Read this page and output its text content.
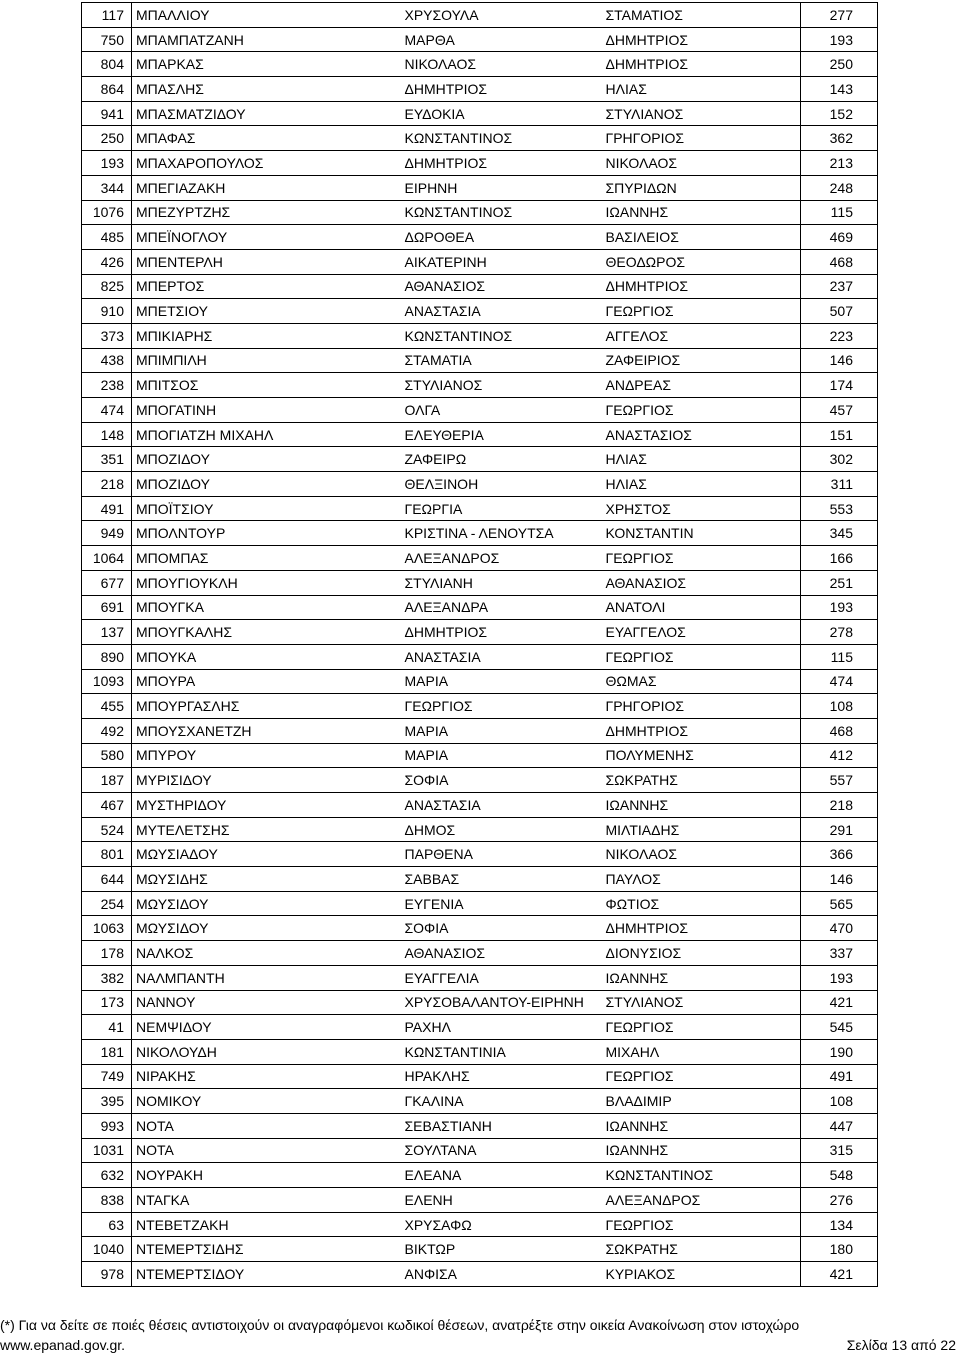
117	ΜΠΑΛΛΙΟΥ	ΧΡΥΣΟΥΛΑ	ΣΤΑΜΑΤΙΟΣ	277
750	ΜΠΑΜΠΑΤΖΑΝΗ	ΜΑΡΘΑ	ΔΗΜΗΤΡΙΟΣ	193
804	ΜΠΑΡΚΑΣ	ΝΙΚΟΛΑΟΣ	ΔΗΜΗΤΡΙΟΣ	250
864	ΜΠΑΣΛΗΣ	ΔΗΜΗΤΡΙΟΣ	ΗΛΙΑΣ	143
941	ΜΠΑΣΜΑΤΖΙΔΟΥ	ΕΥΔΟΚΙΑ	ΣΤΥΛΙΑΝΟΣ	152
250	ΜΠΑΦΑΣ	ΚΩΝΣΤΑΝΤΙΝΟΣ	ΓΡΗΓΟΡΙΟΣ	362
193	ΜΠΑΧΑΡΟΠΟΥΛΟΣ	ΔΗΜΗΤΡΙΟΣ	ΝΙΚΟΛΑΟΣ	213
344	ΜΠΕΓΙΑΖΑΚΗ	ΕΙΡΗΝΗ	ΣΠΥΡΙΔΩΝ	248
1076	ΜΠΕΖΥΡΤΖΗΣ	ΚΩΝΣΤΑΝΤΙΝΟΣ	ΙΩΑΝΝΗΣ	115
485	ΜΠΕΪΝΟΓΛΟΥ	ΔΩΡΟΘΕΑ	ΒΑΣΙΛΕΙΟΣ	469
426	ΜΠΕΝΤΕΡΛΗ	ΑΙΚΑΤΕΡΙΝΗ	ΘΕΟΔΩΡΟΣ	468
825	ΜΠΕΡΤΟΣ	ΑΘΑΝΑΣΙΟΣ	ΔΗΜΗΤΡΙΟΣ	237
910	ΜΠΕΤΣΙΟΥ	ΑΝΑΣΤΑΣΙΑ	ΓΕΩΡΓΙΟΣ	507
373	ΜΠΙΚΙΑΡΗΣ	ΚΩΝΣΤΑΝΤΙΝΟΣ	ΑΓΓΕΛΟΣ	223
438	ΜΠΙΜΠΙΛΗ	ΣΤΑΜΑΤΙΑ	ΖΑΦΕΙΡΙΟΣ	146
238	ΜΠΙΤΣΟΣ	ΣΤΥΛΙΑΝΟΣ	ΑΝΔΡΕΑΣ	174
474	ΜΠΟΓΑΤΙΝΗ	ΟΛΓΑ	ΓΕΩΡΓΙΟΣ	457
148	ΜΠΟΓΙΑΤΖΗ ΜΙΧΑΗΛ	ΕΛΕΥΘΕΡΙΑ	ΑΝΑΣΤΑΣΙΟΣ	151
351	ΜΠΟΖΙΔΟΥ	ΖΑΦΕΙΡΩ	ΗΛΙΑΣ	302
218	ΜΠΟΖΙΔΟΥ	ΘΕΛΞΙΝΟΗ	ΗΛΙΑΣ	311
491	ΜΠΟΪΤΣΙΟΥ	ΓΕΩΡΓΙΑ	ΧΡΗΣΤΟΣ	553
949	ΜΠΟΛΝΤΟΥΡ	ΚΡΙΣΤΙΝΑ - ΛΕΝΟΥΤΣΑ	ΚΟΝΣΤΑΝΤΙΝ	345
1064	ΜΠΟΜΠΑΣ	ΑΛΕΞΑΝΔΡΟΣ	ΓΕΩΡΓΙΟΣ	166
677	ΜΠΟΥΓΙΟΥΚΛΗ	ΣΤΥΛΙΑΝΗ	ΑΘΑΝΑΣΙΟΣ	251
691	ΜΠΟΥΓΚΑ	ΑΛΕΞΑΝΔΡΑ	ΑΝΑΤΟΛΙ	193
137	ΜΠΟΥΓΚΑΛΗΣ	ΔΗΜΗΤΡΙΟΣ	ΕΥΑΓΓΕΛΟΣ	278
890	ΜΠΟΥΚΑ	ΑΝΑΣΤΑΣΙΑ	ΓΕΩΡΓΙΟΣ	115
1093	ΜΠΟΥΡΑ	ΜΑΡΙΑ	ΘΩΜΑΣ	474
455	ΜΠΟΥΡΓΑΣΛΗΣ	ΓΕΩΡΓΙΟΣ	ΓΡΗΓΟΡΙΟΣ	108
492	ΜΠΟΥΣΧΑΝΕΤΖΗ	ΜΑΡΙΑ	ΔΗΜΗΤΡΙΟΣ	468
580	ΜΠΥΡΟΥ	ΜΑΡΙΑ	ΠΟΛΥΜΕΝΗΣ	412
187	ΜΥΡΙΣΙΔΟΥ	ΣΟΦΙΑ	ΣΩΚΡΑΤΗΣ	557
467	ΜΥΣΤΗΡΙΔΟΥ	ΑΝΑΣΤΑΣΙΑ	ΙΩΑΝΝΗΣ	218
524	ΜΥΤΕΛΕΤΣΗΣ	ΔΗΜΟΣ	ΜΙΛΤΙΑΔΗΣ	291
801	ΜΩΥΣΙΑΔΟΥ	ΠΑΡΘΕΝΑ	ΝΙΚΟΛΑΟΣ	366
644	ΜΩΥΣΙΔΗΣ	ΣΑΒΒΑΣ	ΠΑΥΛΟΣ	146
254	ΜΩΥΣΙΔΟΥ	ΕΥΓΕΝΙΑ	ΦΩΤΙΟΣ	565
1063	ΜΩΥΣΙΔΟΥ	ΣΟΦΙΑ	ΔΗΜΗΤΡΙΟΣ	470
178	ΝΑΛΚΟΣ	ΑΘΑΝΑΣΙΟΣ	ΔΙΟΝΥΣΙΟΣ	337
382	ΝΑΛΜΠΑΝΤΗ	ΕΥΑΓΓΕΛΙΑ	ΙΩΑΝΝΗΣ	193
173	ΝΑΝΝΟΥ	ΧΡΥΣΟΒΑΛΑΝΤΟΥ-ΕΙΡΗΝΗ	ΣΤΥΛΙΑΝΟΣ	421
41	ΝΕΜΨΙΔΟΥ	ΡΑΧΗΛ	ΓΕΩΡΓΙΟΣ	545
181	ΝΙΚΟΛΟΥΔΗ	ΚΩΝΣΤΑΝΤΙΝΙΑ	ΜΙΧΑΗΛ	190
749	ΝΙΡΑΚΗΣ	ΗΡΑΚΛΗΣ	ΓΕΩΡΓΙΟΣ	491
395	ΝΟΜΙΚΟΥ	ΓΚΑΛΙΝΑ	ΒΛΑΔΙΜΙΡ	108
993	ΝΟΤΑ	ΣΕΒΑΣΤΙΑΝΗ	ΙΩΑΝΝΗΣ	447
1031	ΝΟΤΑ	ΣΟΥΛΤΑΝΑ	ΙΩΑΝΝΗΣ	315
632	ΝΟΥΡΑΚΗ	ΕΛΕΑΝΑ	ΚΩΝΣΤΑΝΤΙΝΟΣ	548
838	ΝΤΑΓΚΑ	ΕΛΕΝΗ	ΑΛΕΞΑΝΔΡΟΣ	276
63	ΝΤΕΒΕΤΖΑΚΗ	ΧΡΥΣΑΦΩ	ΓΕΩΡΓΙΟΣ	134
1040	ΝΤΕΜΕΡΤΣΙΔΗΣ	ΒΙΚΤΩΡ	ΣΩΚΡΑΤΗΣ	180
978	ΝΤΕΜΕΡΤΣΙΔΟΥ	ΑΝΦΙΣΑ	ΚΥΡΙΑΚΟΣ	421
(*) Για να δείτε σε ποιές θέσεις αντιστοιχούν οι αναγραφόμενοι κωδικοί θέσεων, ανατρέξτε στην οικεία Ανακοίνωση στον ιστοχώρο
www.epanad.gov.gr.	Σελίδα 13 από 22
